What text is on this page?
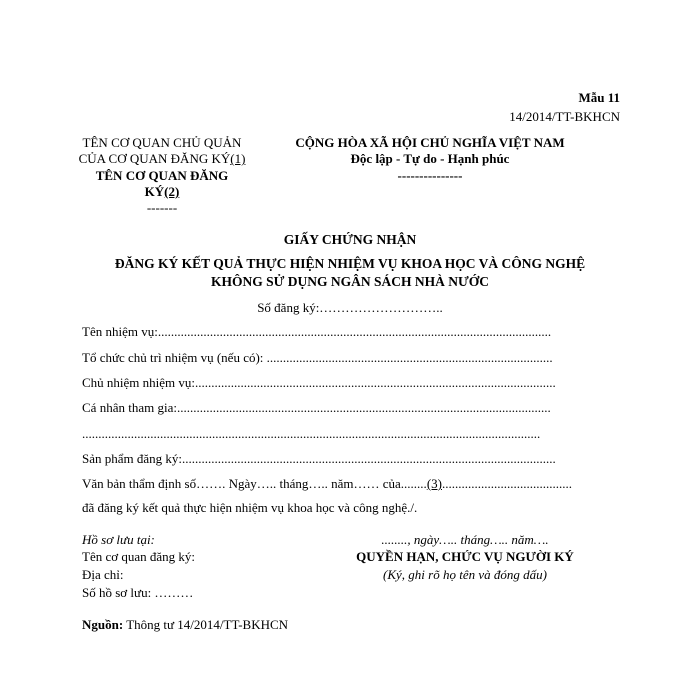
Mẫu 11
14/2014/TT-BKHCN
TÊN CƠ QUAN CHỦ QUẢN
CỦA CƠ QUAN ĐĂNG KÝ(1)
TÊN CƠ QUAN ĐĂNG
KÝ(2)
-------
CỘNG HÒA XÃ HỘI CHỦ NGHĨA VIỆT NAM
Độc lập - Tự do - Hạnh phúc
---------------
GIẤY CHỨNG NHẬN
ĐĂNG KÝ KẾT QUẢ THỰC HIỆN NHIỆM VỤ KHOA HỌC VÀ CÔNG NGHỆ
KHÔNG SỬ DỤNG NGÂN SÁCH NHÀ NƯỚC
Số đăng ký:………………………..
Tên nhiệm vụ:.........................................................................................................................
Tổ chức chủ trì nhiệm vụ (nếu có): ........................................................................................
Chủ nhiệm nhiệm vụ:...............................................................................................................
Cá nhân tham gia:...................................................................................................................
.............................................................................................................................................
Sản phẩm đăng ký:...................................................................................................................
Văn bản thẩm định số……. Ngày….. tháng….. năm…… của........(3)........................................
đã đăng ký kết quả thực hiện nhiệm vụ khoa học và công nghệ./.
Hồ sơ lưu tại:
Tên cơ quan đăng ký:
Địa chỉ:
Số hồ sơ lưu: ………
........, ngày….. tháng….. năm….
QUYỀN HẠN, CHỨC VỤ NGƯỜI KÝ
(Ký, ghi rõ họ tên và đóng dấu)
Nguồn: Thông tư 14/2014/TT-BKHCN
